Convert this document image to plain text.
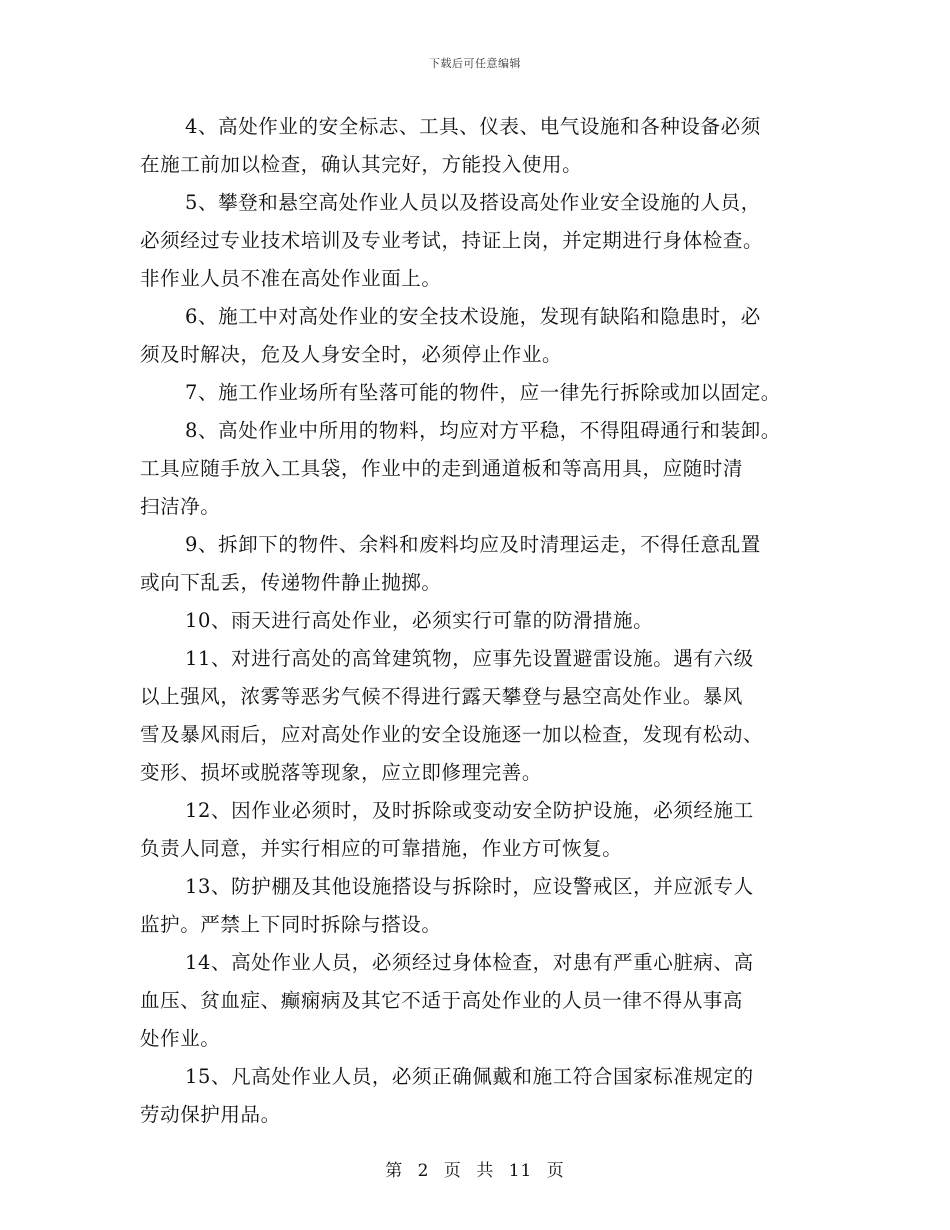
下载后可任意编辑
4、高处作业的安全标志、工具、仪表、电气设施和各种设备必须
在施工前加以检查，确认其完好，方能投入使用。
5、攀登和悬空高处作业人员以及搭设高处作业安全设施的人员，
必须经过专业技术培训及专业考试，持证上岗，并定期进行身体检查。
非作业人员不准在高处作业面上。
6、施工中对高处作业的安全技术设施，发现有缺陷和隐患时，必
须及时解决，危及人身安全时，必须停止作业。
7、施工作业场所有坠落可能的物件，应一律先行拆除或加以固定。
8、高处作业中所用的物料，均应对方平稳，不得阻碍通行和装卸。
工具应随手放入工具袋，作业中的走到通道板和等高用具，应随时清
扫洁净。
9、拆卸下的物件、余料和废料均应及时清理运走，不得任意乱置
或向下乱丢，传递物件静止抛掷。
10、雨天进行高处作业，必须实行可靠的防滑措施。
11、对进行高处的高耸建筑物，应事先设置避雷设施。遇有六级
以上强风，浓雾等恶劣气候不得进行露天攀登与悬空高处作业。暴风
雪及暴风雨后，应对高处作业的安全设施逐一加以检查，发现有松动、
变形、损坏或脱落等现象，应立即修理完善。
12、因作业必须时，及时拆除或变动安全防护设施，必须经施工
负责人同意，并实行相应的可靠措施，作业方可恢复。
13、防护棚及其他设施搭设与拆除时，应设警戒区，并应派专人
监护。严禁上下同时拆除与搭设。
14、高处作业人员，必须经过身体检查，对患有严重心脏病、高
血压、贫血症、癫痫病及其它不适于高处作业的人员一律不得从事高
处作业。
15、凡高处作业人员，必须正确佩戴和施工符合国家标准规定的
劳动保护用品。
第 2 页 共 11 页
